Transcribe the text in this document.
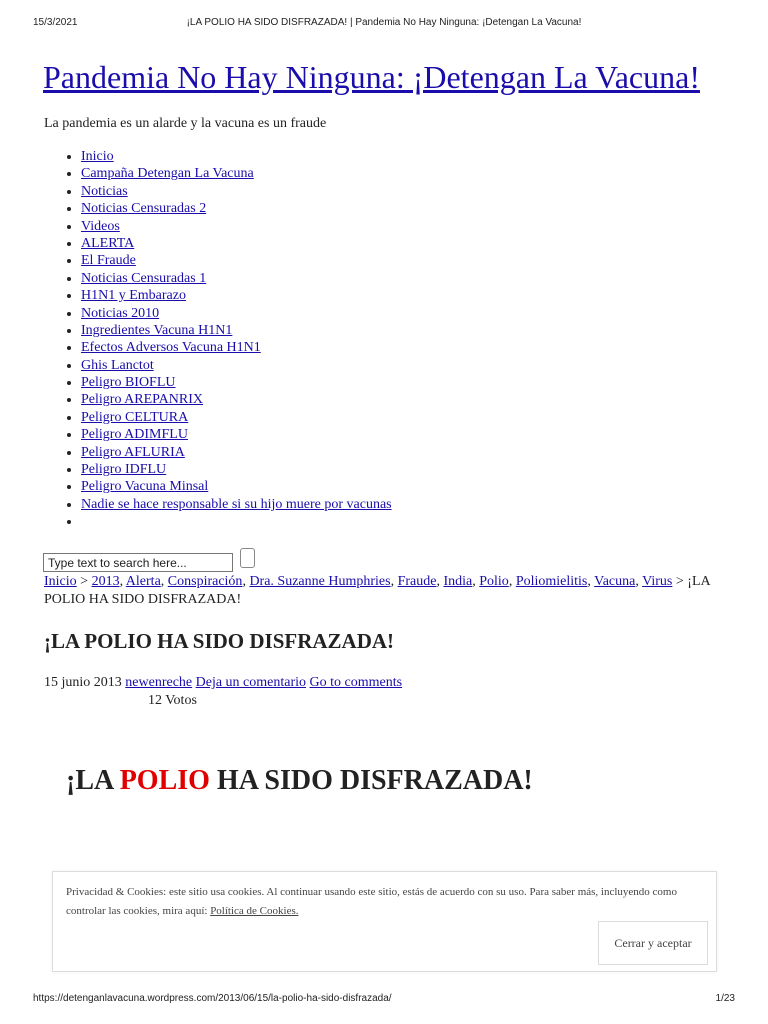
15/3/2021	¡LA POLIO HA SIDO DISFRAZADA! | Pandemia No Hay Ninguna: ¡Detengan La Vacuna!
Pandemia No Hay Ninguna: ¡Detengan La Vacuna!

La pandemia es un alarde y la vacuna es un fraude

• Inicio
• Campaña Detengan La Vacuna
• Noticias
• Noticias Censuradas 2
• Videos
• ALERTA
• El Fraude
• Noticias Censuradas 1
• H1N1 y Embarazo
• Noticias 2010
• Ingredientes Vacuna H1N1
• Efectos Adversos Vacuna H1N1
• Ghis Lanctot
• Peligro BIOFLU
• Peligro AREPANRIX
• Peligro CELTURA
• Peligro ADIMFLU
• Peligro AFLURIA
• Peligro IDFLU
• Peligro Vacuna Minsal
• Nadie se hace responsable si su hijo muere por vacunas
•
Type text to search here...
Inicio > 2013, Alerta, Conspiración, Dra. Suzanne Humphries, Fraude, India, Polio, Poliomielitis, Vacuna, Virus > ¡LA POLIO HA SIDO DISFRAZADA!
¡LA POLIO HA SIDO DISFRAZADA!
15 junio 2013 newenreche Deja un comentario Go to comments
12 Votos
¡LA POLIO HA SIDO DISFRAZADA!

Privacidad & Cookies: este sitio usa cookies. Al continuar usando este sitio, estás de acuerdo con su uso. Para saber más, incluyendo como
controlar las cookies, mira aquí: Política de Cookies.

Cerrar y aceptar
https://detenganlavacuna.wordpress.com/2013/06/15/la-polio-ha-sido-disfrazada/	1/23
